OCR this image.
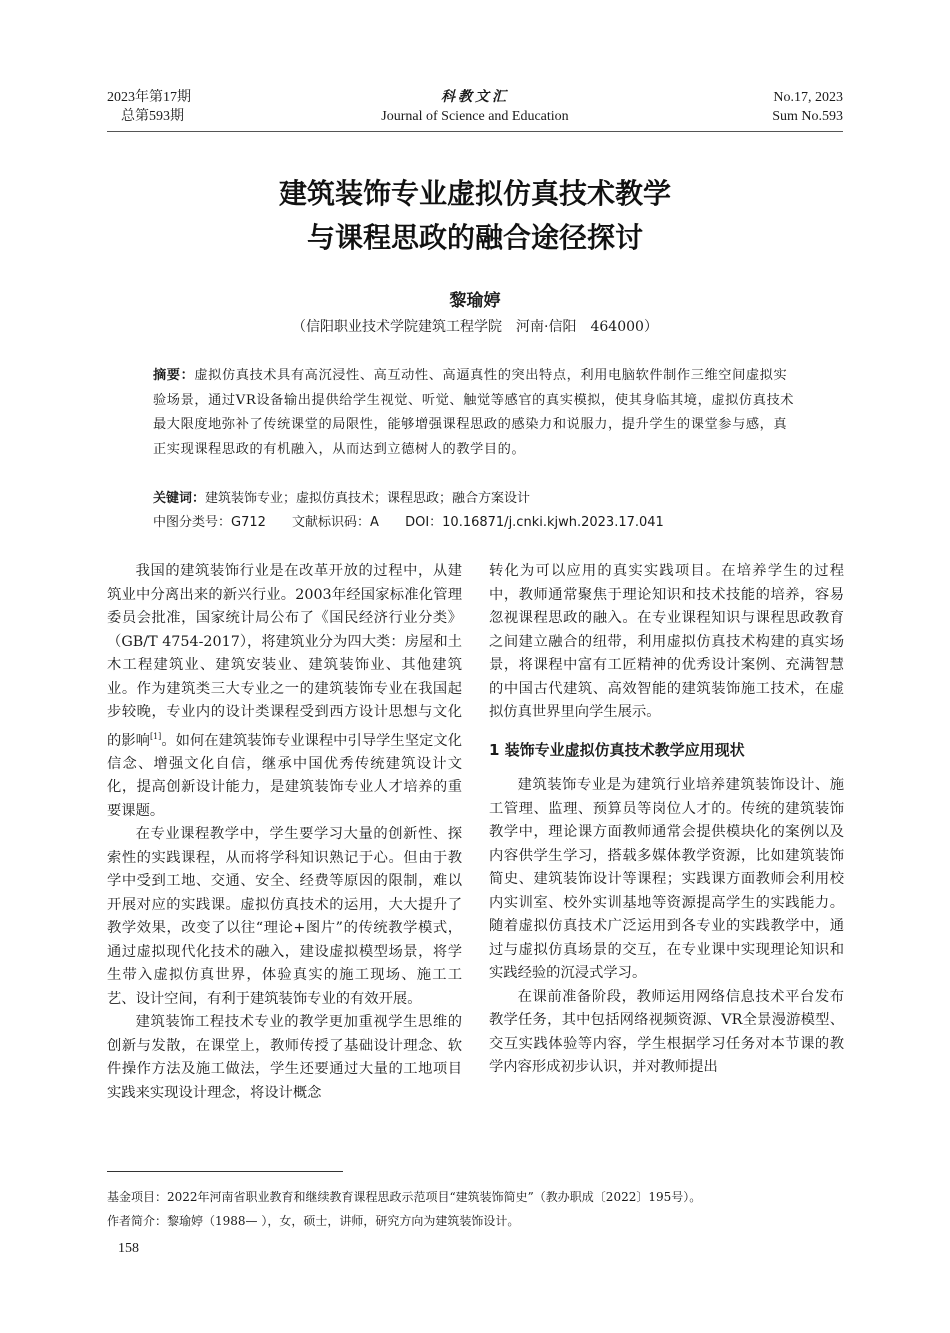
2023年第17期
总第593期
科教文汇
Journal of Science and Education
No.17, 2023
Sum No.593
建筑装饰专业虚拟仿真技术教学
与课程思政的融合途径探讨
黎瑜婷
（信阳职业技术学院建筑工程学院　河南·信阳　464000）
摘要：虚拟仿真技术具有高沉浸性、高互动性、高逼真性的突出特点，利用电脑软件制作三维空间虚拟实验场景，通过VR设备输出提供给学生视觉、听觉、触觉等感官的真实模拟，使其身临其境，虚拟仿真技术最大限度地弥补了传统课堂的局限性，能够增强课程思政的感染力和说服力，提升学生的课堂参与感，真正实现课程思政的有机融入，从而达到立德树人的教学目的。
关键词：建筑装饰专业；虚拟仿真技术；课程思政；融合方案设计
中图分类号：G712 文献标识码：A DOI：10.16871/j.cnki.kjwh.2023.17.041

我国的建筑装饰行业是在改革开放的过程中，从建筑业中分离出来的新兴行业。2003年经国家标准化管理委员会批准，国家统计局公布了《国民经济行业分类》（GB/T 4754-2017），将建筑业分为四大类：房屋和土木工程建筑业、建筑安装业、建筑装饰业、其他建筑业。作为建筑类三大专业之一的建筑装饰专业在我国起步较晚，专业内的设计类课程受到西方设计思想与文化的影响[1]。如何在建筑装饰专业课程中引导学生坚定文化信念、增强文化自信，继承中国优秀传统建筑设计文化，提高创新设计能力，是建筑装饰专业人才培养的重要课题。

在专业课程教学中，学生要学习大量的创新性、探索性的实践课程，从而将学科知识熟记于心。但由于教学中受到工地、交通、安全、经费等原因的限制，难以开展对应的实践课。虚拟仿真技术的运用，大大提升了教学效果，改变了以往“理论+图片”的传统教学模式，通过虚拟现代化技术的融入，建设虚拟模型场景，将学生带入虚拟仿真世界，体验真实的施工现场、施工工艺、设计空间，有利于建筑装饰专业的有效开展。

建筑装饰工程技术专业的教学更加重视学生思维的创新与发散，在课堂上，教师传授了基础设计理念、软件操作方法及施工做法，学生还要通过大量的工地项目实践来实现设计理念，将设计概念

转化为可以应用的真实实践项目。在培养学生的过程中，教师通常聚焦于理论知识和技术技能的培养，容易忽视课程思政的融入。在专业课程知识与课程思政教育之间建立融合的纽带，利用虚拟仿真技术构建的真实场景，将课程中富有工匠精神的优秀设计案例、充满智慧的中国古代建筑、高效智能的建筑装饰施工技术，在虚拟仿真世界里向学生展示。

1 装饰专业虚拟仿真技术教学应用现状

建筑装饰专业是为建筑行业培养建筑装饰设计、施工管理、监理、预算员等岗位人才的。传统的建筑装饰教学中，理论课方面教师通常会提供模块化的案例以及内容供学生学习，搭载多媒体教学资源，比如建筑装饰简史、建筑装饰设计等课程；实践课方面教师会利用校内实训室、校外实训基地等资源提高学生的实践能力。随着虚拟仿真技术广泛运用到各专业的实践教学中，通过与虚拟仿真场景的交互，在专业课中实现理论知识和实践经验的沉浸式学习。

在课前准备阶段，教师运用网络信息技术平台发布教学任务，其中包括网络视频资源、VR全景漫游模型、交互实践体验等内容，学生根据学习任务对本节课的教学内容形成初步认识，并对教师提出

基金项目：2022年河南省职业教育和继续教育课程思政示范项目“建筑装饰简史”（教办职成〔2022〕195号）。
作者简介：黎瑜婷（1988— ），女，硕士，讲师，研究方向为建筑装饰设计。
158
